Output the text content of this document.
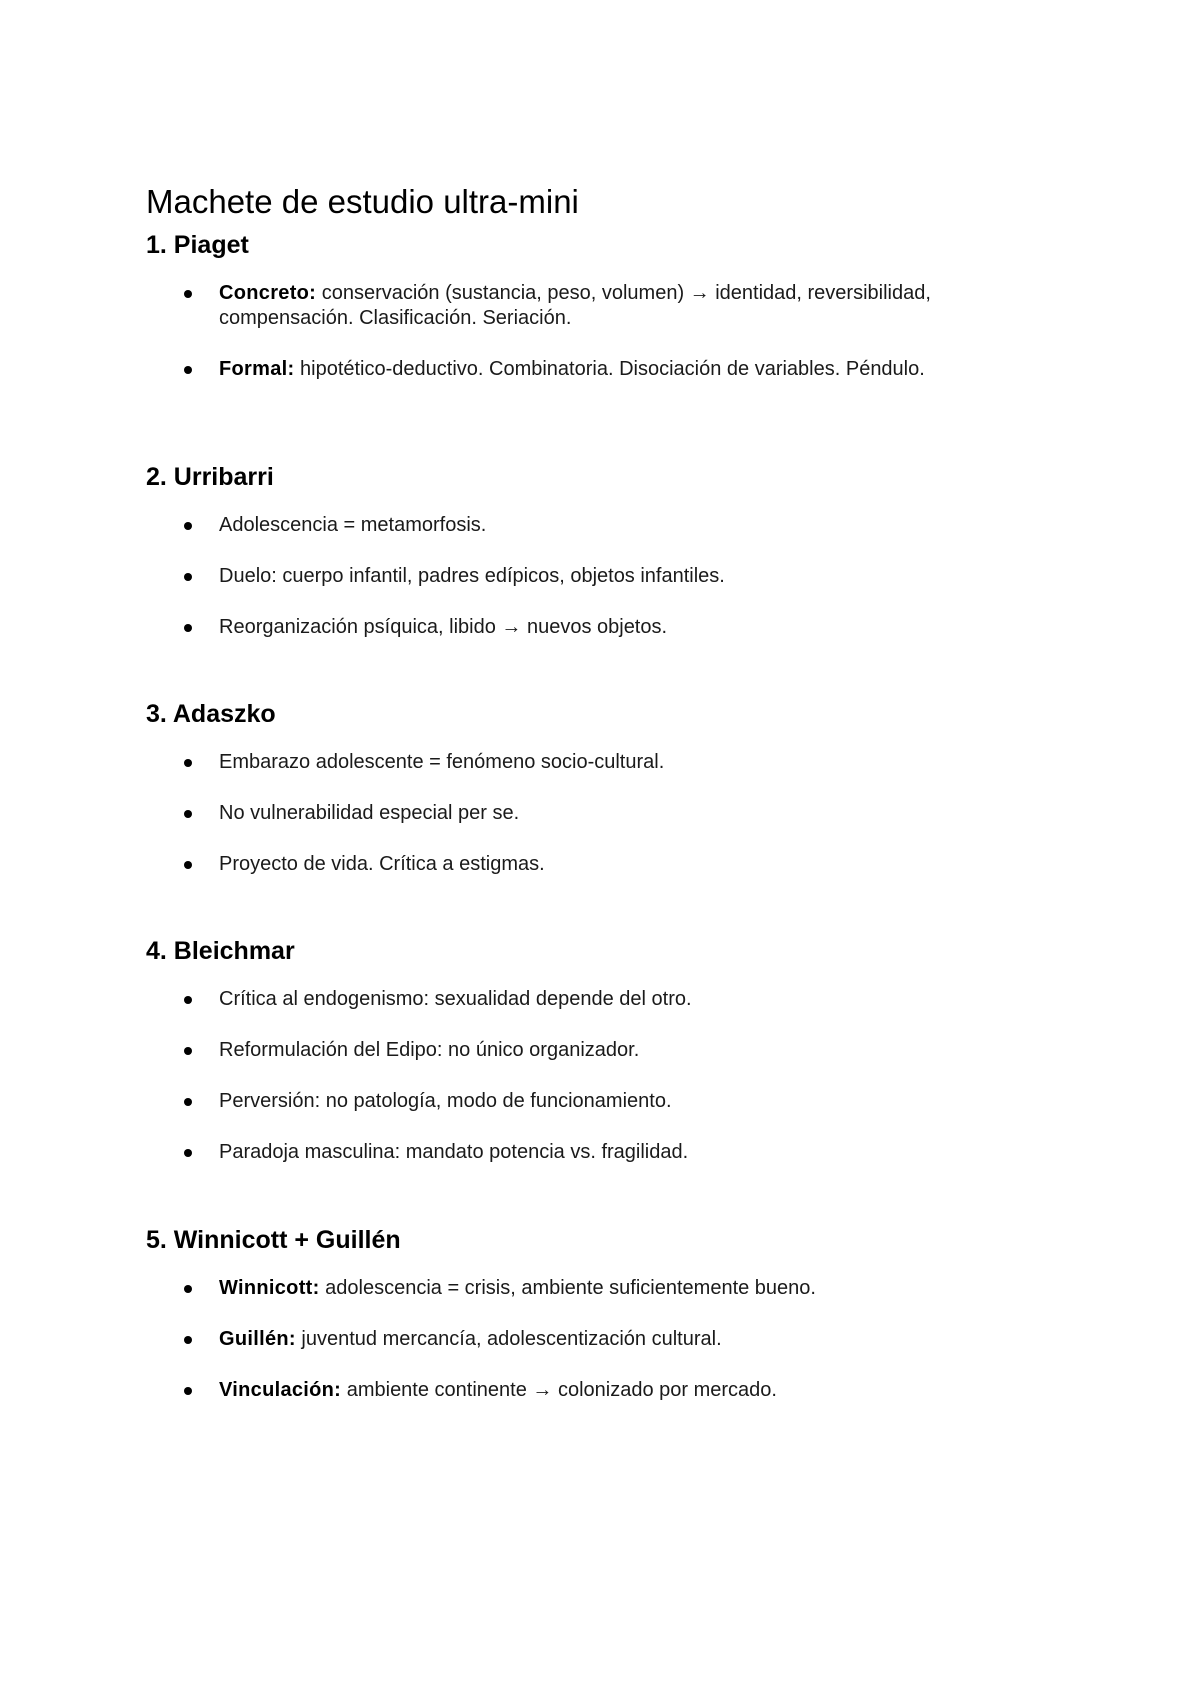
Machete de estudio ultra-mini
1. Piaget
Concreto: conservación (sustancia, peso, volumen) → identidad, reversibilidad, compensación. Clasificación. Seriación.
Formal: hipotético-deductivo. Combinatoria. Disociación de variables. Péndulo.
2. Urribarri
Adolescencia = metamorfosis.
Duelo: cuerpo infantil, padres edípicos, objetos infantiles.
Reorganización psíquica, libido → nuevos objetos.
3. Adaszko
Embarazo adolescente = fenómeno socio-cultural.
No vulnerabilidad especial per se.
Proyecto de vida. Crítica a estigmas.
4. Bleichmar
Crítica al endogenismo: sexualidad depende del otro.
Reformulación del Edipo: no único organizador.
Perversión: no patología, modo de funcionamiento.
Paradoja masculina: mandato potencia vs. fragilidad.
5. Winnicott + Guillén
Winnicott: adolescencia = crisis, ambiente suficientemente bueno.
Guillén: juventud mercancía, adolescentización cultural.
Vinculación: ambiente continente → colonizado por mercado.
